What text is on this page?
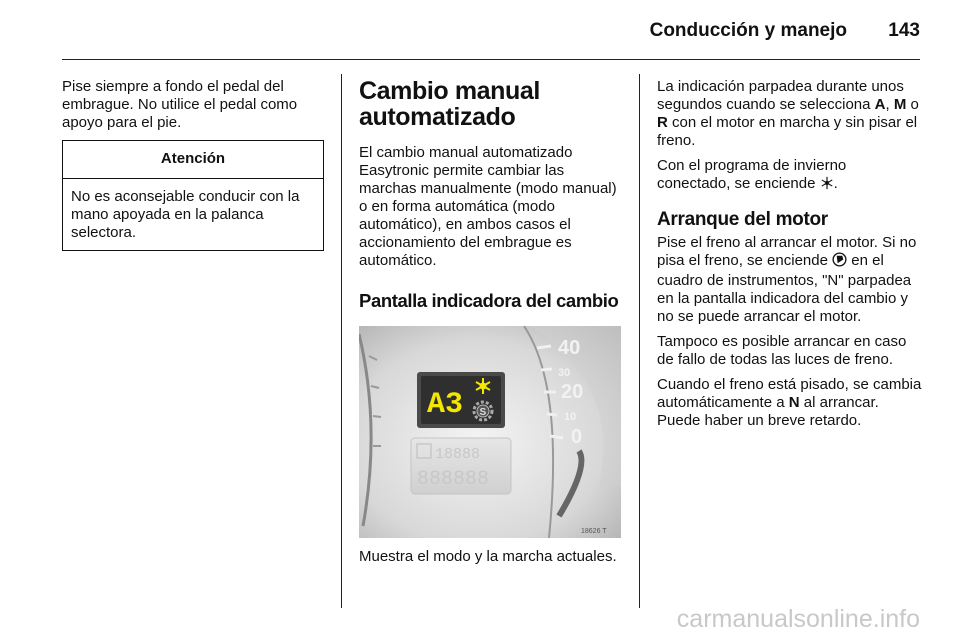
Conducción y manejo 143

Pise siempre a fondo el pedal del embrague. No utilice el pedal como apoyo para el pie.

Atención
No es aconsejable conducir con la mano apoyada en la palanca selectora.
Cambio manual automatizado

El cambio manual automatizado Easytronic permite cambiar las marchas manualmente (modo manual) o en forma automática (modo automático), en ambos casos el accionamiento del embrague es automático.

Pantalla indicadora del cambio
40
30
20
10
0
A3 S
18888
888888
18626 T

Muestra el modo y la marcha actuales.

La indicación parpadea durante unos segundos cuando se selecciona A, M o R con el motor en marcha y sin pisar el freno.

Con el programa de invierno conectado, se enciende .

Arranque del motor

Pise el freno al arrancar el motor. Si no pisa el freno, se enciende  en el cuadro de instrumentos, "N" parpadea en la pantalla indicadora del cambio y no se puede arrancar el motor.

Tampoco es posible arrancar en caso de fallo de todas las luces de freno.

Cuando el freno está pisado, se cambia automáticamente a N al arrancar. Puede haber un breve retardo.

carmanualsonline.info
